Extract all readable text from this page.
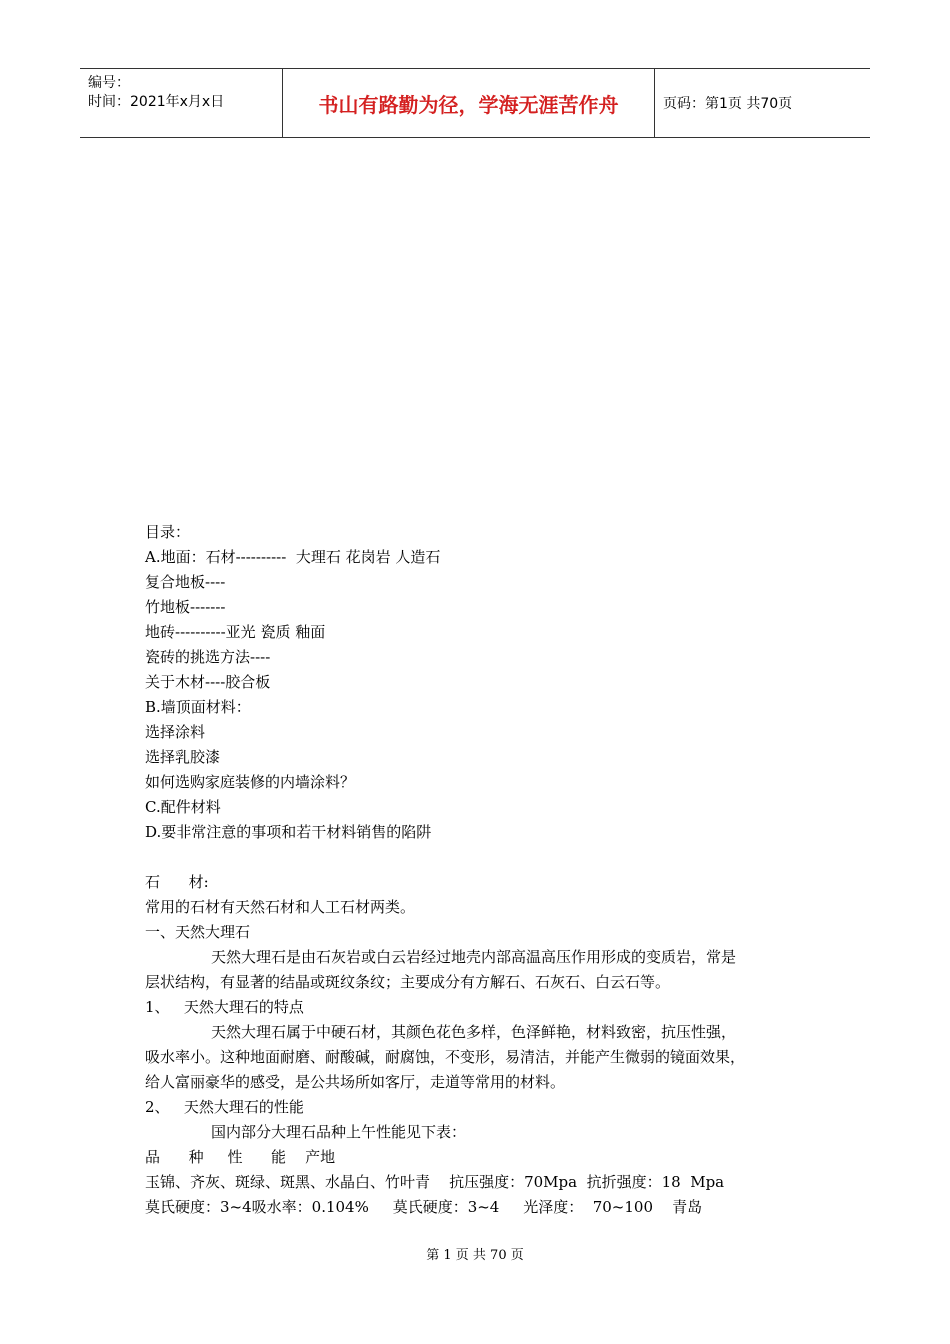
编号：
时间：2021年x月x日	书山有路勤为径，学海无涯苦作舟	页码：第1页 共70页

目录：

A.地面：石材----------  大理石 花岗岩 人造石

复合地板----

竹地板-------

地砖----------亚光 瓷质 釉面

瓷砖的挑选方法----

关于木材----胶合板

B.墙顶面材料：

选择涂料

选择乳胶漆

如何选购家庭装修的内墙涂料？

C.配件材料

D.要非常注意的事项和若干材料销售的陷阱

石      材:

常用的石材有天然石材和人工石材两类。

一、天然大理石

天然大理石是由石灰岩或白云岩经过地壳内部高温高压作用形成的变质岩，常是

层状结构，有显著的结晶或斑纹条纹；主要成分有方解石、石灰石、白云石等。

1、   天然大理石的特点

天然大理石属于中硬石材，其颜色花色多样，色泽鲜艳，材料致密，抗压性强，

吸水率小。这种地面耐磨、耐酸碱，耐腐蚀，不变形，易清洁，并能产生微弱的镜面效果，

给人富丽豪华的感受，是公共场所如客厅，走道等常用的材料。

2、   天然大理石的性能

国内部分大理石品种上午性能见下表：

品      种     性      能    产地

玉锦、齐灰、斑绿、斑黑、水晶白、竹叶青    抗压强度：70Mpa  抗折强度：18  Mpa

莫氏硬度：3~4吸水率：0.104%     莫氏硬度：3~4     光泽度：  70~100    青岛

第 1 页 共 70 页
